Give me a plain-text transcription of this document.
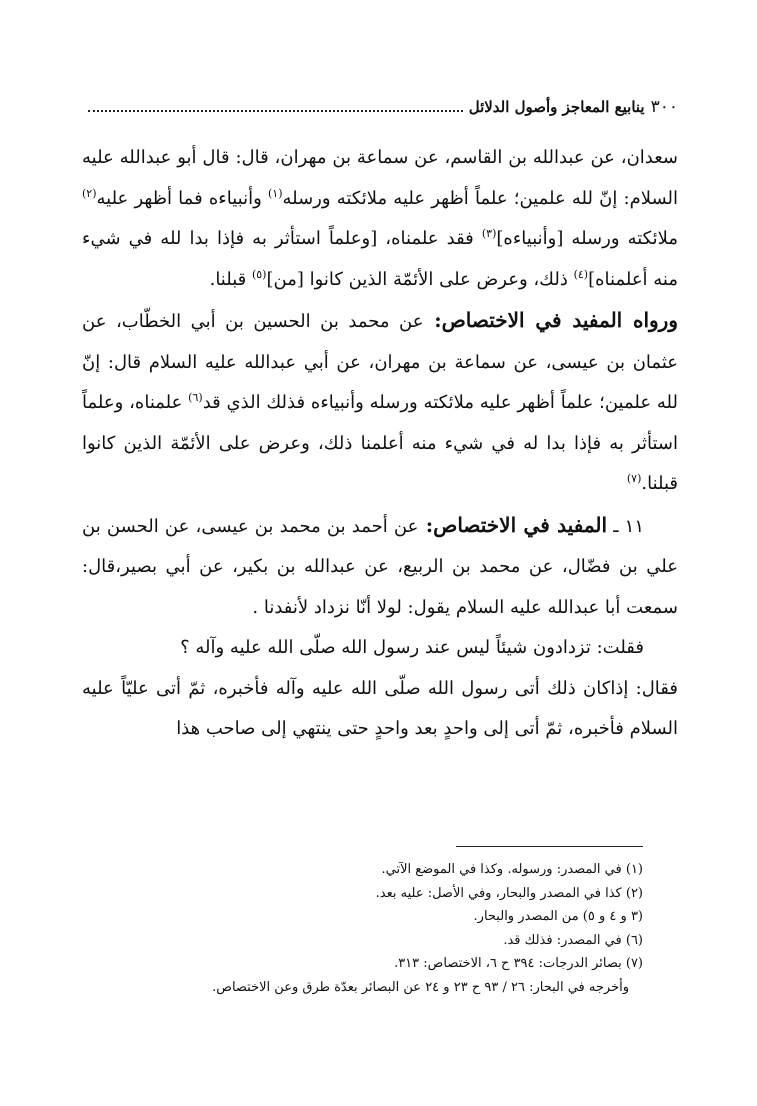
٣٠٠
ينابيع المعاجز وأصول الدلائل

سعدان، عن عبدالله بن القاسم، عن سماعة بن مهران، قال: قال أبو عبدالله عليه السلام: إنّ لله علمين؛ علماً أظهر عليه ملائكته ورسله$^{(١)}$ وأنبياءه فما أظهر عليه$^{(٢)}$ ملائكته ورسله [وأنبياءه]$^{(٣)}$ فقد علمناه، [وعلماً استأثر به فإذا بدا لله في شيء منه أعلمناه]$^{(٤)}$ ذلك، وعرض على الأئمّة الذين كانوا [من]$^{(٥)}$ قبلنا.

ورواه المفيد في الاختصاص: عن محمد بن الحسين بن أبي الخطّاب، عن عثمان بن عيسى، عن سماعة بن مهران، عن أبي عبدالله عليه السلام قال: إنّ لله علمين؛ علماً أظهر عليه ملائكته ورسله وأنبياءه فذلك الذي قد$^{(٦)}$ علمناه، وعلماً استأثر به فإذا بدا له في شيء منه أعلمنا ذلك، وعرض على الأئمّة الذين كانوا قبلنا.$^{(٧)}$

١١ ـ المفيد في الاختصاص: عن أحمد بن محمد بن عيسى، عن الحسن بن علي بن فضّال، عن محمد بن الربيع، عن عبدالله بن بكير، عن أبي بصير،قال: سمعت أبا عبدالله عليه السلام يقول: لولا أنّا نزداد لأنفدنا .

فقلت: تزدادون شيئاً ليس عند رسول الله صلّى الله عليه وآله ؟

فقال: إذاكان ذلك أتى رسول الله صلّى الله عليه وآله فأخبره، ثمّ أتى عليّاً عليه السلام فأخبره، ثمّ أتى إلى واحدٍ بعد واحدٍ حتى ينتهي إلى صاحب هذا

(١) في المصدر: ورسوله. وكذا في الموضع الآتي.
(٢) كذا في المصدر والبحار، وفي الأصل: عليه بعد.
(٣ و ٤ و ٥) من المصدر والبحار.
(٦) في المصدر: فذلك قد.
(٧) بصائر الدرجات: ٣٩٤ ح ٦، الاختصاص: ٣١٣.
وأخرجه في البحار: ٢٦ / ٩٣ ح ٢٣ و ٢٤ عن البصائر بعدّة طرق وعن الاختصاص.
